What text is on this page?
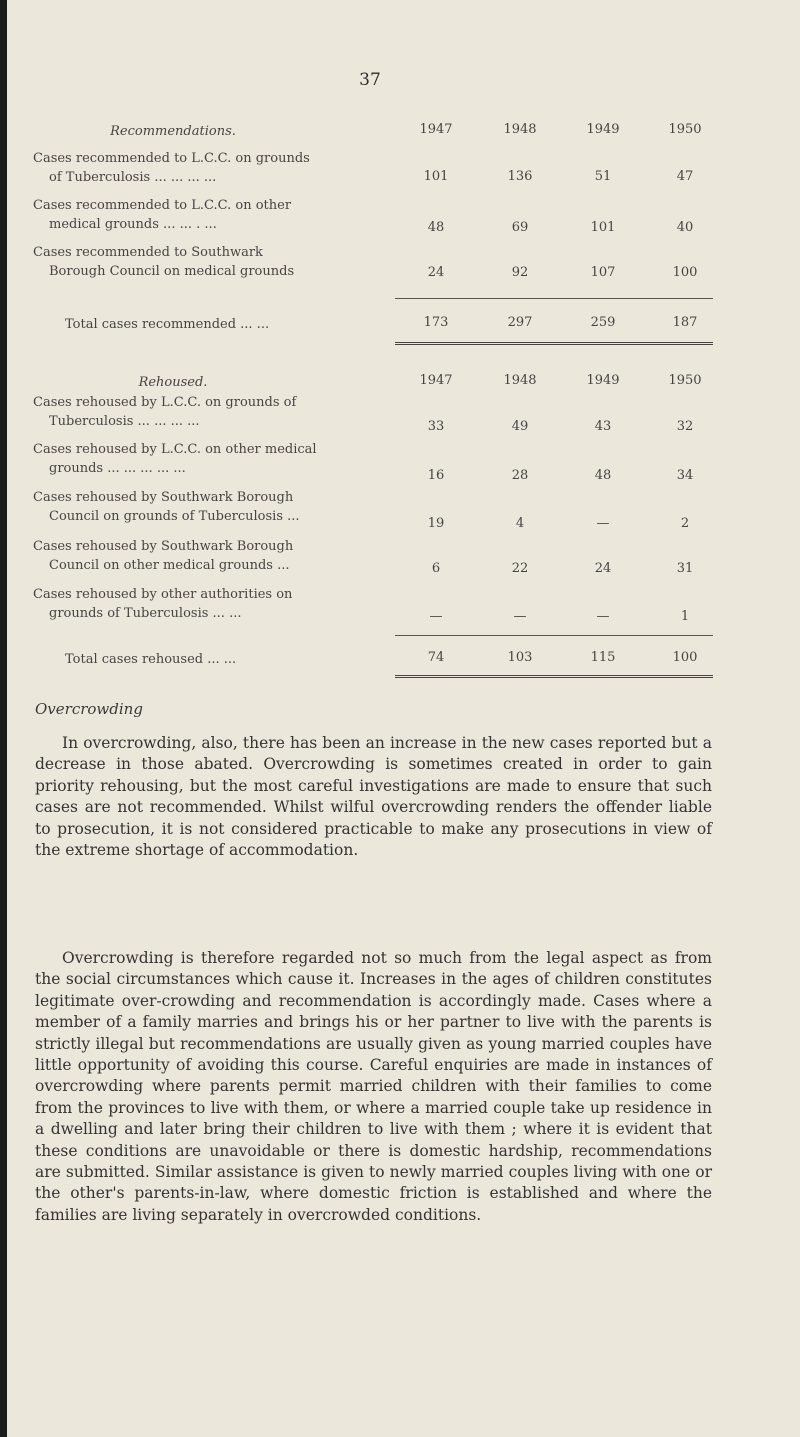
37
Recommendations.	1947	1948	1949	1950
Cases recommended to L.C.C. on grounds
of Tuberculosis ... ... ... ...	101	136	51	47
Cases recommended to L.C.C. on other
medical grounds ... ... . ...	48	69	101	40
Cases recommended to Southwark
Borough Council on medical grounds	24	92	107	100
Total cases recommended ... ...	173	297	259	187
Rehoused.	1947	1948	1949	1950
Cases rehoused by L.C.C. on grounds of
Tuberculosis ... ... ... ...	33	49	43	32
Cases rehoused by L.C.C. on other medical
grounds ... ... ... ... ...	16	28	48	34
Cases rehoused by Southwark Borough
Council on grounds of Tuberculosis ...	19	4	—	2
Cases rehoused by Southwark Borough
Council on other medical grounds ...	6	22	24	31
Cases rehoused by other authorities on
grounds of Tuberculosis ... ...	—	—	—	1
Total cases rehoused ... ...	74	103	115	100
Overcrowding

In overcrowding, also, there has been an increase in the new cases reported but a decrease in those abated. Overcrowding is sometimes created in order to gain priority rehousing, but the most careful investigations are made to ensure that such cases are not recommended. Whilst wilful overcrowding renders the offender liable to prosecution, it is not considered practicable to make any prosecutions in view of the extreme shortage of accommodation.

Overcrowding is therefore regarded not so much from the legal aspect as from the social circumstances which cause it. Increases in the ages of children constitutes legitimate over-crowding and recommendation is accordingly made. Cases where a member of a family marries and brings his or her partner to live with the parents is strictly illegal but recommendations are usually given as young married couples have little opportunity of avoiding this course. Careful enquiries are made in instances of overcrowding where parents permit married children with their families to come from the provinces to live with them, or where a married couple take up residence in a dwelling and later bring their children to live with them ; where it is evident that these conditions are unavoidable or there is domestic hardship, recommendations are submitted. Similar assistance is given to newly married couples living with one or the other's parents-in-law, where domestic friction is established and where the families are living separately in overcrowded conditions.
